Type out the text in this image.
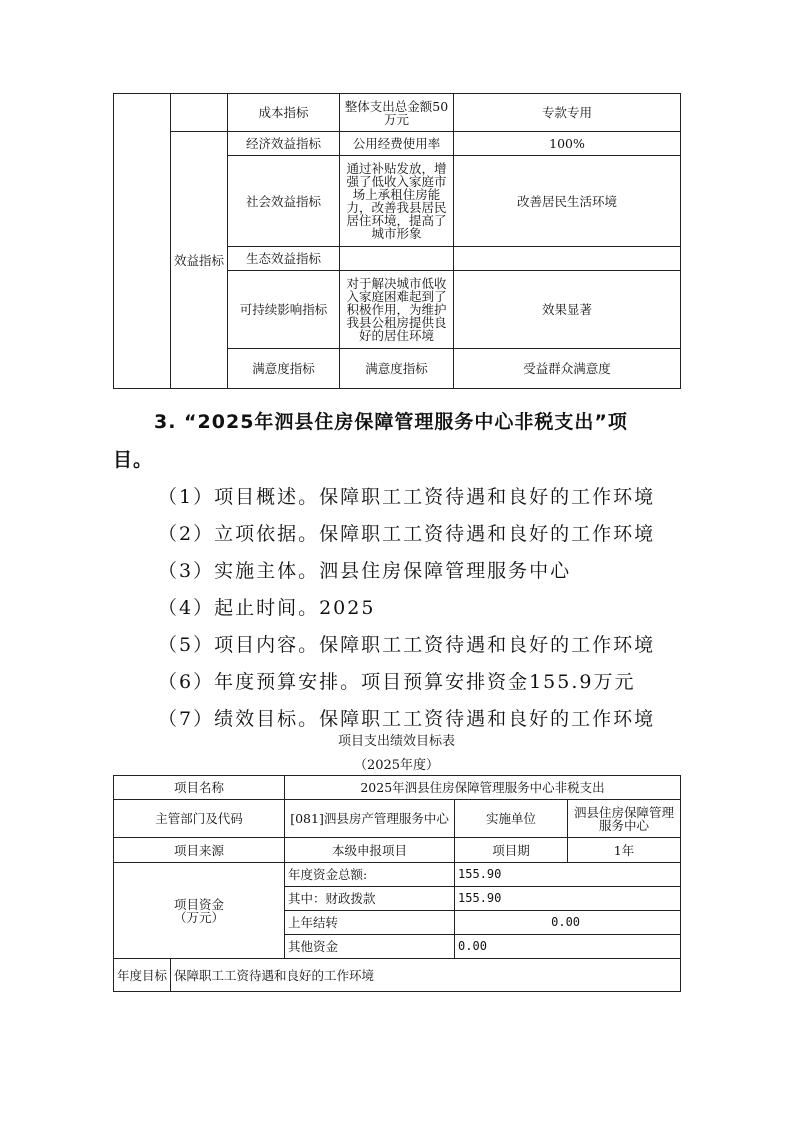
		成本指标	整体支出总金额50万元	专款专用	
	效益指标	经济效益指标	公用经费使用率	100%	
		社会效益指标	通过补贴发放，增强了低收入家庭市场上承租住房能力，改善我县居民居住环境，提高了城市形象	改善居民生活环境	
		生态效益指标			
		可持续影响指标	对于解决城市低收入家庭困难起到了积极作用，为维护我县公租房提供良好的居住环境	效果显著	
		满意度指标	满意度指标	受益群众满意度	
3. “2025年泗县住房保障管理服务中心非税支出”项
目。
（1）项目概述。保障职工工资待遇和良好的工作环境
（2）立项依据。保障职工工资待遇和良好的工作环境
（3）实施主体。泗县住房保障管理服务中心
（4）起止时间。2025
（5）项目内容。保障职工工资待遇和良好的工作环境
（6）年度预算安排。项目预算安排资金155.9万元
（7）绩效目标。保障职工工资待遇和良好的工作环境
项目支出绩效目标表
（2025年度）
项目名称		2025年泗县住房保障管理服务中心非税支出		
主管部门及代码		[081]泗县房产管理服务中心	实施单位	泗县住房保障管理服务中心
项目来源		本级申报项目	项目期	1年
项目资金（万元）		年度资金总额:	155.90	
		其中：财政拨款	155.90	
		上年结转	0.00	
		其他资金	0.00	
年度目标	保障职工工资待遇和良好的工作环境			
